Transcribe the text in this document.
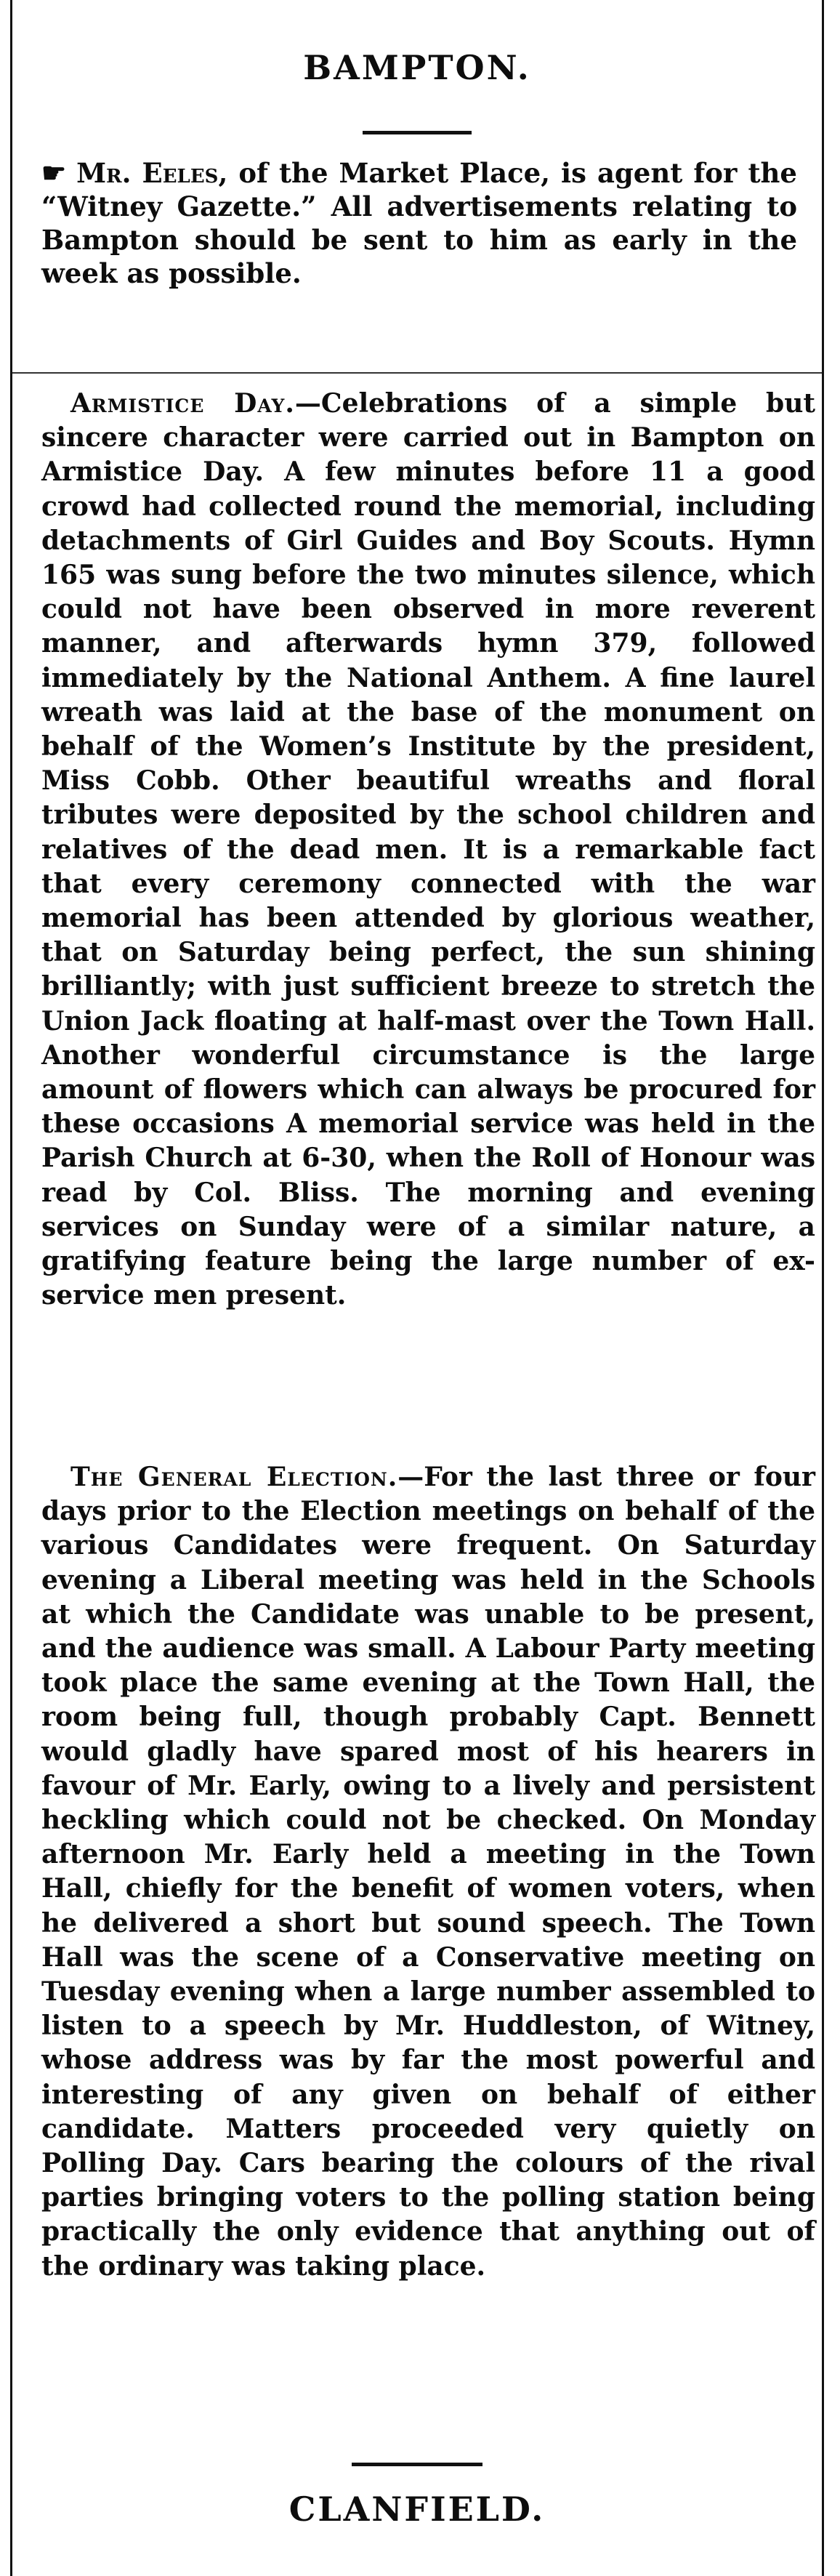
BAMPTON.
☛ Mr. Eeles, of the Market Place, is agent for the “Witney Gazette.” All advertisements relating to Bampton should be sent to him as early in the week as possible.

Armistice Day.—Celebrations of a simple but sincere character were carried out in Bampton on Armistice Day. A few minutes before 11 a good crowd had collected round the memorial, including detachments of Girl Guides and Boy Scouts. Hymn 165 was sung before the two minutes silence, which could not have been observed in more reverent manner, and afterwards hymn 379, followed immediately by the National Anthem. A fine laurel wreath was laid at the base of the monument on behalf of the Women’s Institute by the president, Miss Cobb. Other beautiful wreaths and floral tributes were deposited by the school children and relatives of the dead men. It is a remarkable fact that every ceremony connected with the war memorial has been attended by glorious weather, that on Saturday being perfect, the sun shining brilliantly; with just sufficient breeze to stretch the Union Jack floating at half-mast over the Town Hall. Another wonderful circumstance is the large amount of flowers which can always be procured for these occasions A memorial service was held in the Parish Church at 6-30, when the Roll of Honour was read by Col. Bliss. The morning and evening services on Sunday were of a similar nature, a gratifying feature being the large number of ex-service men present.

The General Election.—For the last three or four days prior to the Election meetings on behalf of the various Candidates were frequent. On Saturday evening a Liberal meeting was held in the Schools at which the Candidate was unable to be present, and the audience was small. A Labour Party meeting took place the same evening at the Town Hall, the room being full, though probably Capt. Bennett would gladly have spared most of his hearers in favour of Mr. Early, owing to a lively and persistent heckling which could not be checked. On Monday afternoon Mr. Early held a meeting in the Town Hall, chiefly for the benefit of women voters, when he delivered a short but sound speech. The Town Hall was the scene of a Conservative meeting on Tuesday evening when a large number assembled to listen to a speech by Mr. Huddleston, of Witney, whose address was by far the most powerful and interesting of any given on behalf of either candidate. Matters proceeded very quietly on Polling Day. Cars bearing the colours of the rival parties bringing voters to the polling station being practically the only evidence that anything out of the ordinary was taking place.

CLANFIELD.
